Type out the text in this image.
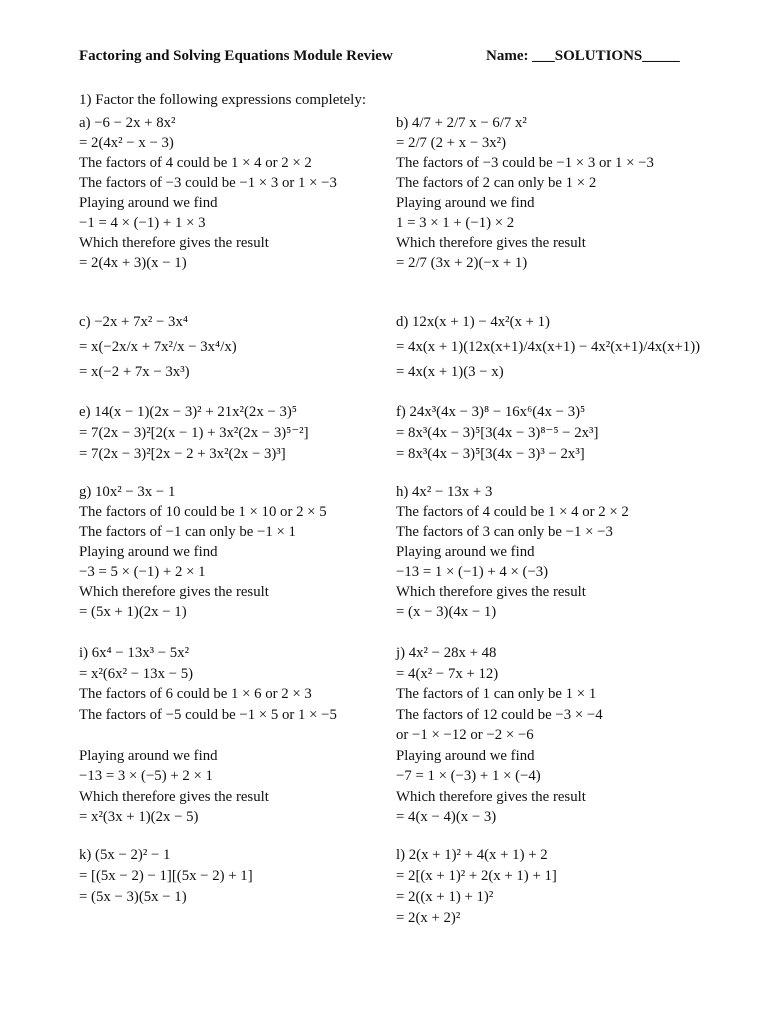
Factoring and Solving Equations Module Review	Name: ___SOLUTIONS_____
1) Factor the following expressions completely:
a) −6 − 2x + 8x²
= 2(4x² − x − 3)
The factors of 4 could be 1 × 4 or 2 × 2
The factors of −3 could be −1 × 3 or 1 × −3
Playing around we find
−1 = 4 × (−1) + 1 × 3
Which therefore gives the result
= 2(4x + 3)(x − 1)
b) 4/7 + 2/7 x − 6/7 x²
= 2/7 (2 + x − 3x²)
The factors of −3 could be −1 × 3 or 1 × −3
The factors of 2 can only be 1 × 2
Playing around we find
1 = 3 × 1 + (−1) × 2
Which therefore gives the result
= 2/7 (3x + 2)(−x + 1)
c) −2x + 7x² − 3x⁴
= x(−2x/x + 7x²/x − 3x⁴/x)
= x(−2 + 7x − 3x³)
d) 12x(x + 1) − 4x²(x + 1)
= 4x(x + 1)(12x(x+1)/4x(x+1) − 4x²(x+1)/4x(x+1))
= 4x(x + 1)(3 − x)
e) 14(x − 1)(2x − 3)² + 21x²(2x − 3)⁵
= 7(2x − 3)²[2(x − 1) + 3x²(2x − 3)⁵⁻²]
= 7(2x − 3)²[2x − 2 + 3x²(2x − 3)³]
f) 24x³(4x − 3)⁸ − 16x⁶(4x − 3)⁵
= 8x³(4x − 3)⁵[3(4x − 3)⁸⁻⁵ − 2x³]
= 8x³(4x − 3)⁵[3(4x − 3)³ − 2x³]
g) 10x² − 3x − 1
The factors of 10 could be 1 × 10 or 2 × 5
The factors of −1 can only be −1 × 1
Playing around we find
−3 = 5 × (−1) + 2 × 1
Which therefore gives the result
= (5x + 1)(2x − 1)
h) 4x² − 13x + 3
The factors of 4 could be 1 × 4 or 2 × 2
The factors of 3 can only be −1 × −3
Playing around we find
−13 = 1 × (−1) + 4 × (−3)
Which therefore gives the result
= (x − 3)(4x − 1)
i) 6x⁴ − 13x³ − 5x²
= x²(6x² − 13x − 5)
The factors of 6 could be 1 × 6 or 2 × 3
The factors of −5 could be −1 × 5 or 1 × −5
Playing around we find
−13 = 3 × (−5) + 2 × 1
Which therefore gives the result
= x²(3x + 1)(2x − 5)
j) 4x² − 28x + 48
= 4(x² − 7x + 12)
The factors of 1 can only be 1 × 1
The factors of 12 could be −3 × −4
or −1 × −12 or −2 × −6
Playing around we find
−7 = 1 × (−3) + 1 × (−4)
Which therefore gives the result
= 4(x − 4)(x − 3)
k) (5x − 2)² − 1
= [(5x − 2) − 1][(5x − 2) + 1]
= (5x − 3)(5x − 1)
l) 2(x + 1)² + 4(x + 1) + 2
= 2[(x + 1)² + 2(x + 1) + 1]
= 2((x + 1) + 1)²
= 2(x + 2)²
